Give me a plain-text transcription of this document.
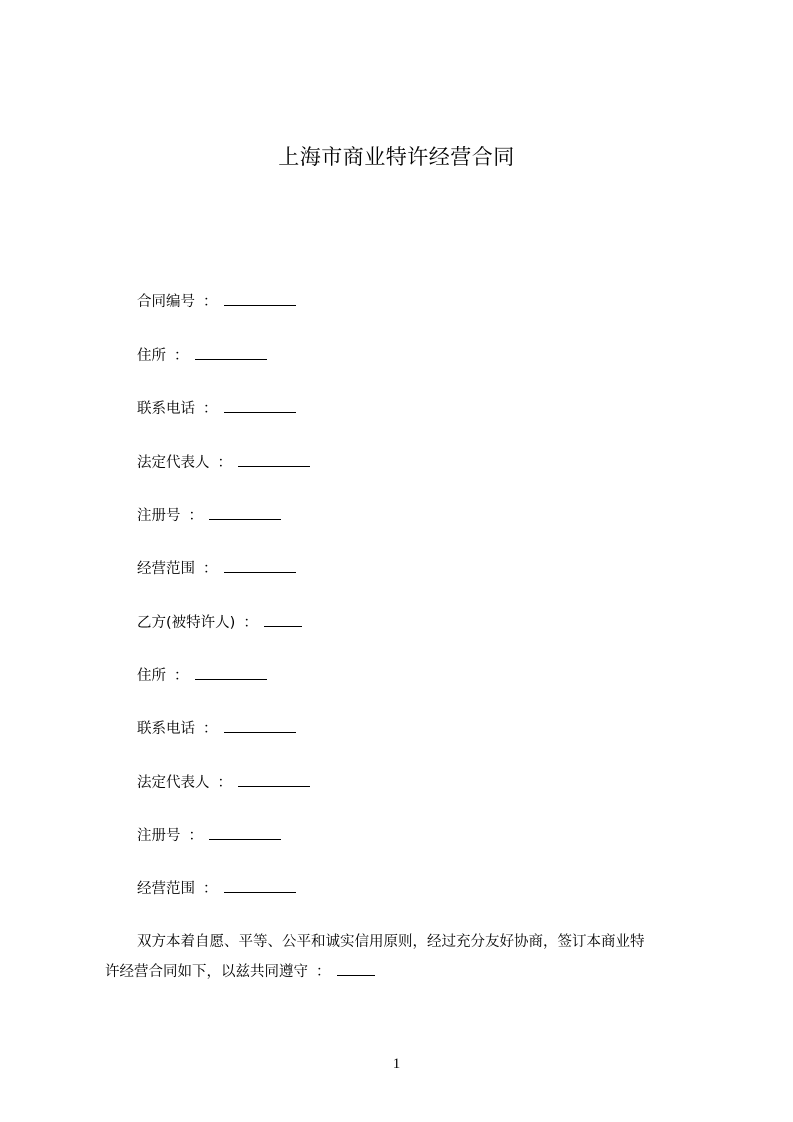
上海市商业特许经营合同
合同编号 ：
住所 ：
联系电话 ：
法定代表人 ：
注册号 ：
经营范围 ：
乙方(被特许人) ：
住所 ：
联系电话 ：
法定代表人 ：
注册号 ：
经营范围 ：
双方本着自愿、平等、公平和诚实信用原则，经过充分友好协商，签订本商业特
许经营合同如下，以兹共同遵守 ：
1
